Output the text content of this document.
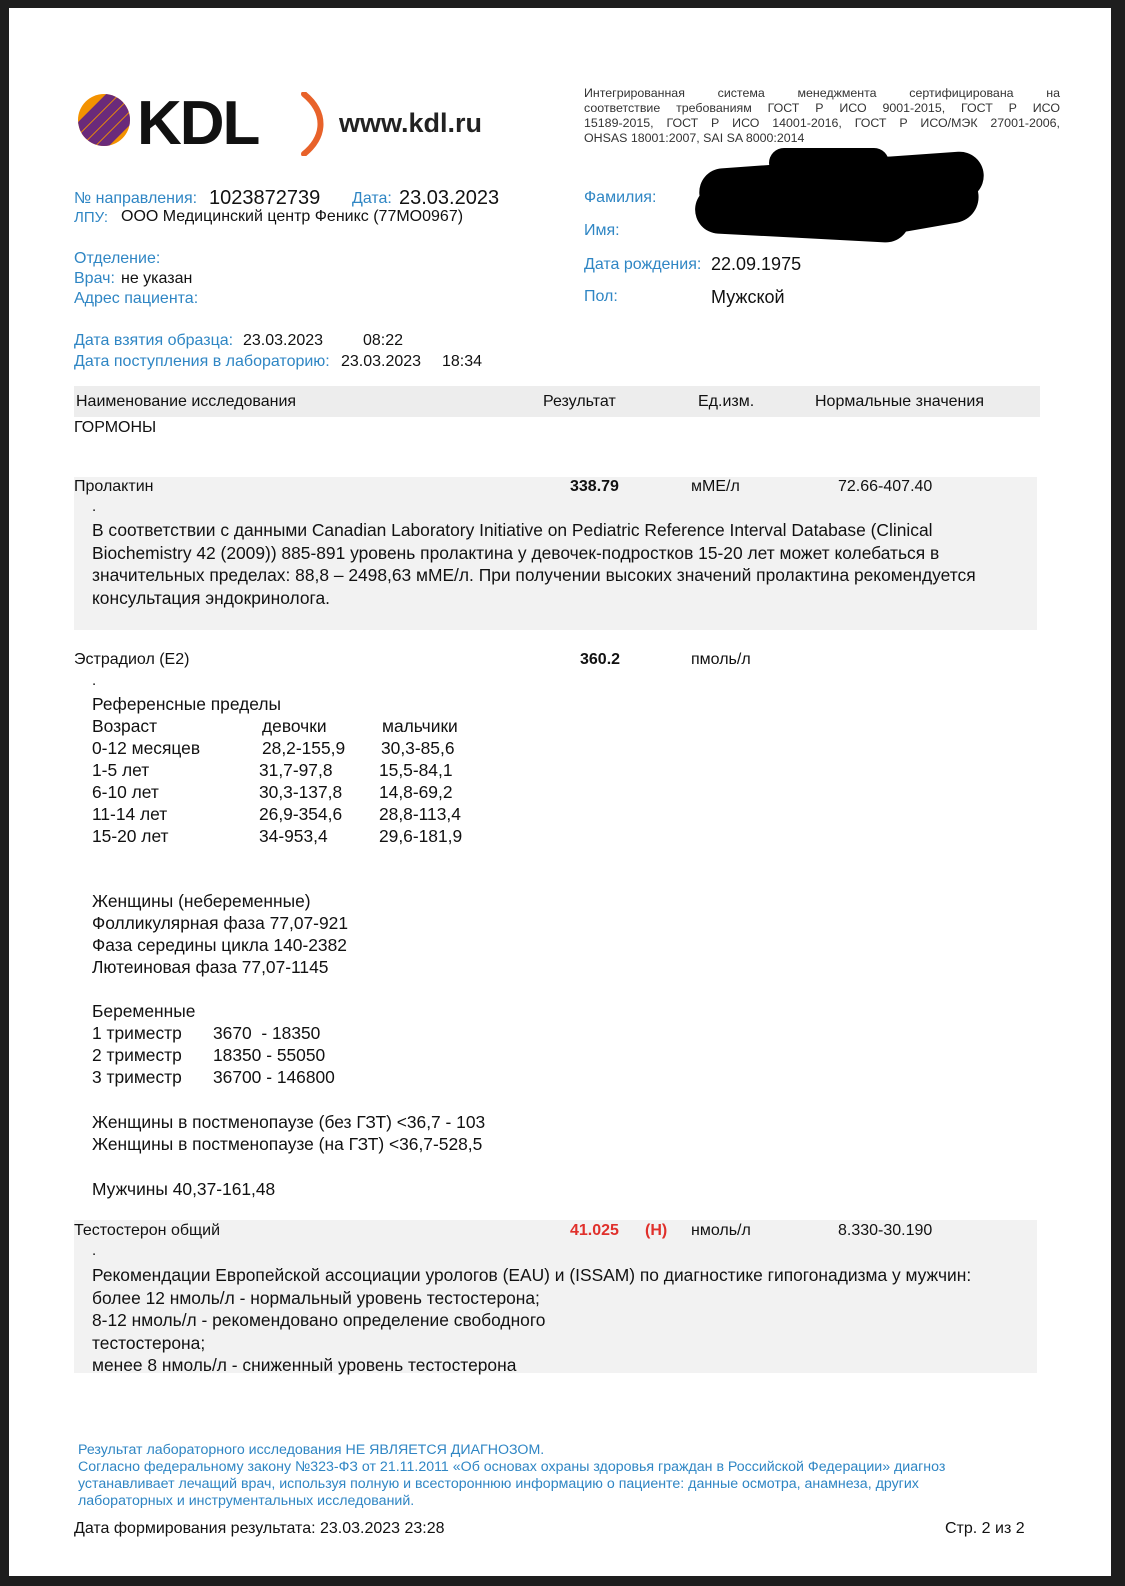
KDL	www.kdl.ru
Интегрированная система менеджмента сертифицирована на
соответствие требованиям ГОСТ Р ИСО 9001-2015, ГОСТ Р ИСО
15189-2015, ГОСТ Р ИСО 14001-2016, ГОСТ Р ИСО/МЭК 27001-2006,
OHSAS 18001:2007, SAI SA 8000:2014
№ направления: 1023872739 Дата: 23.03.2023
ЛПУ: ООО Медицинский центр Феникс (77МО0967)
Отделение:
Врач: не указан
Адрес пациента:
Дата взятия образца: 23.03.2023 08:22
Дата поступления в лабораторию: 23.03.2023 18:34
Фамилия:
Имя:
Дата рождения: 22.09.1975
Пол:	Мужской
Наименование исследования	Результат	Ед.изм.	Нормальные значения
ГОРМОНЫ
Пролактин	338.79	мМЕ/л	72.66-407.40
.
В соответствии с данными Canadian Laboratory Initiative on Pediatric Reference Interval Database (Clinical
Biochemistry 42 (2009)) 885-891 уровень пролактина у девочек-подростков 15-20 лет может колебаться в
значительных пределах: 88,8 – 2498,63 мМЕ/л. При получении высоких значений пролактина рекомендуется
консультация эндокринолога.
Эстрадиол (Е2)	360.2	пмоль/л
.
Референсные пределы
Возраст	девочки	мальчики
0-12 месяцев	28,2-155,9 30,3-85,6
1-5 лет	31,7-97,8	15,5-84,1
6-10 лет	30,3-137,8 14,8-69,2
11-14 лет	26,9-354,6 28,8-113,4
15-20 лет	34-953,4	29,6-181,9
Женщины (небеременные)
Фолликулярная фаза 77,07-921
Фаза середины цикла 140-2382
Лютеиновая фаза 77,07-1145
Беременные
1 триместр 3670  - 18350
2 триместр 18350 - 55050
3 триместр 36700 - 146800
Женщины в постменопаузе (без ГЗТ) <36,7 - 103
Женщины в постменопаузе (на ГЗТ) <36,7-528,5
Мужчины 40,37-161,48
Тестостерон общий	41.025 (H) нмоль/л	8.330-30.190
.
Рекомендации Европейской ассоциации урологов (EAU) и (ISSAM) по диагностике гипогонадизма у мужчин:
более 12 нмоль/л - нормальный уровень тестостерона;
8-12 нмоль/л - рекомендовано определение свободного
тестостерона;
менее 8 нмоль/л - сниженный уровень тестостерона
Результат лабораторного исследования НЕ ЯВЛЯЕТСЯ ДИАГНОЗОМ.
Согласно федеральному закону №323-ФЗ от 21.11.2011 «Об основах охраны здоровья граждан в Российской Федерации» диагноз
устанавливает лечащий врач, используя полную и всестороннюю информацию о пациенте: данные осмотра, анамнеза, других
лабораторных и инструментальных исследований.
Дата формирования результата: 23.03.2023 23:28	Стр. 2 из 2
